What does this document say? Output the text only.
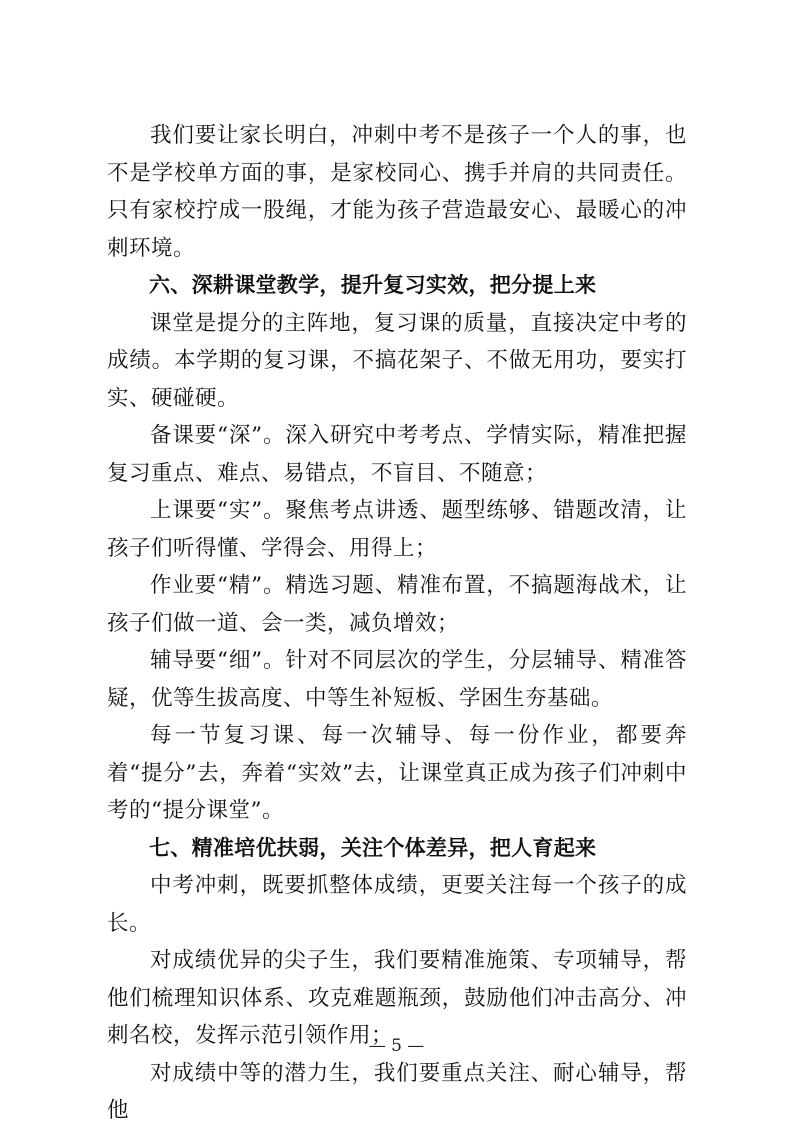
我们要让家长明白，冲刺中考不是孩子一个人的事，也不是学校单方面的事，是家校同心、携手并肩的共同责任。只有家校拧成一股绳，才能为孩子营造最安心、最暖心的冲刺环境。

六、深耕课堂教学，提升复习实效，把分提上来

课堂是提分的主阵地，复习课的质量，直接决定中考的成绩。本学期的复习课，不搞花架子、不做无用功，要实打实、硬碰硬。

备课要“深”。深入研究中考考点、学情实际，精准把握复习重点、难点、易错点，不盲目、不随意；

上课要“实”。聚焦考点讲透、题型练够、错题改清，让孩子们听得懂、学得会、用得上；

作业要“精”。精选习题、精准布置，不搞题海战术，让孩子们做一道、会一类，减负增效；

辅导要“细”。针对不同层次的学生，分层辅导、精准答疑，优等生拔高度、中等生补短板、学困生夯基础。

每一节复习课、每一次辅导、每一份作业，都要奔着“提分”去，奔着“实效”去，让课堂真正成为孩子们冲刺中考的“提分课堂”。

七、精准培优扶弱，关注个体差异，把人育起来

中考冲刺，既要抓整体成绩，更要关注每一个孩子的成长。

对成绩优异的尖子生，我们要精准施策、专项辅导，帮他们梳理知识体系、攻克难题瓶颈，鼓励他们冲击高分、冲刺名校，发挥示范引领作用；

对成绩中等的潜力生，我们要重点关注、耐心辅导，帮他

— 5 —
